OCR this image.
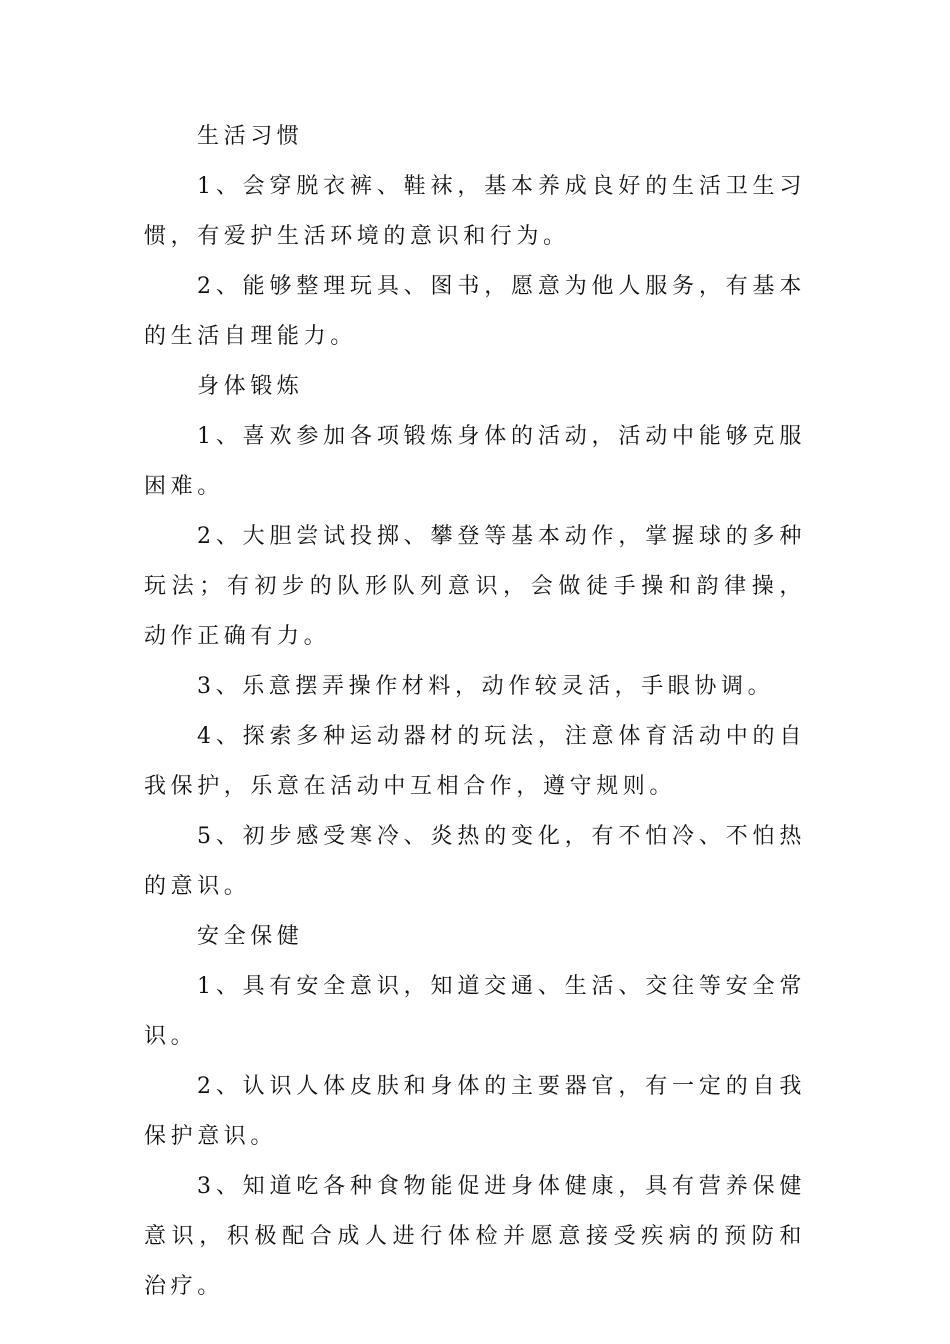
生活习惯

1、会穿脱衣裤、鞋袜，基本养成良好的生活卫生习惯，有爱护生活环境的意识和行为。

2、能够整理玩具、图书，愿意为他人服务，有基本的生活自理能力。

身体锻炼

1、喜欢参加各项锻炼身体的活动，活动中能够克服困难。

2、大胆尝试投掷、攀登等基本动作，掌握球的多种玩法；有初步的队形队列意识，会做徒手操和韵律操，动作正确有力。

3、乐意摆弄操作材料，动作较灵活，手眼协调。

4、探索多种运动器材的玩法，注意体育活动中的自我保护，乐意在活动中互相合作，遵守规则。

5、初步感受寒冷、炎热的变化，有不怕冷、不怕热的意识。

安全保健

1、具有安全意识，知道交通、生活、交往等安全常识。

2、认识人体皮肤和身体的主要器官，有一定的自我保护意识。

3、知道吃各种食物能促进身体健康，具有营养保健意识，积极配合成人进行体检并愿意接受疾病的预防和治疗。
